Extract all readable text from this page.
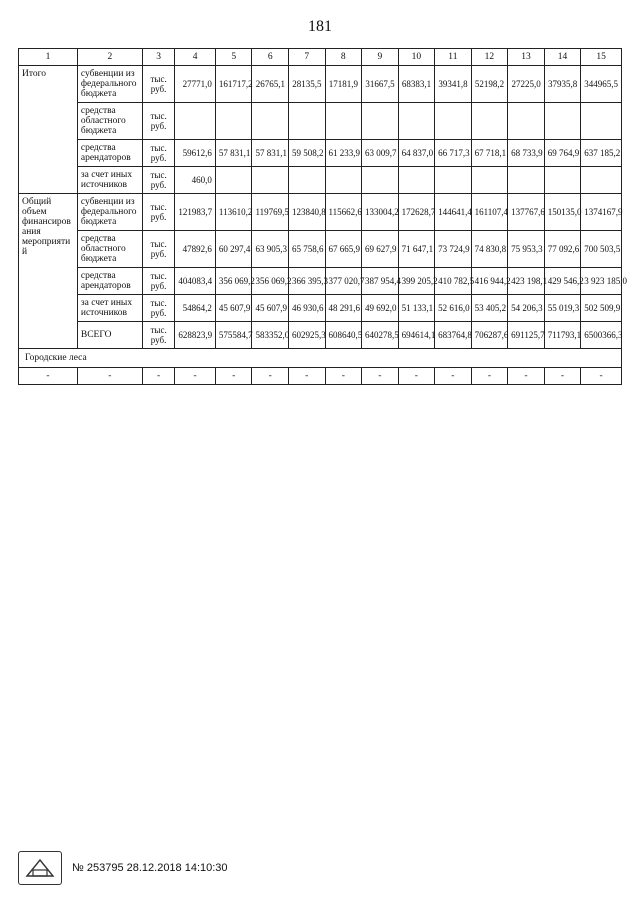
181
1	2	3	4	5	6	7	8	9	10	11	12	13	14	15
Итого	субвенции из федерального бюджета	тыс. руб.	27771,0	161717,2	26765,1	28135,5	17181,9	31667,5	68383,1	39341,8	52198,2	27225,0	37935,8	344965,5
	средства областного бюджета	тыс. руб.												
	средства арендаторов	тыс. руб.	59612,6	57 831,1	57 831,1	59 508,2	61 233,9	63 009,7	64 837,0	66 717,3	67 718,1	68 733,9	69 764,9	637 185,2
	за счет иных источников	тыс. руб.	460,0											
Общий объем финансирования мероприятий	субвенции из федерального бюджета	тыс. руб.	121983,7	113610,2	119769,5	123840,8	115662,6	133004,2	172628,7	144641,4	161107,4	137767,6	150135,0	1374167,9
	средства областного бюджета	тыс. руб.	47892,6	60 297,4	63 905,3	65 758,6	67 665,9	69 627,9	71 647,1	73 724,9	74 830,8	75 953,3	77 092,6	700 503,5
	средства арендаторов	тыс. руб.	404083,4	356 069,2	356 069,2	366 395,3	377 020,7	387 954,4	399 205,2	410 782,5	416 944,2	423 198,1	429 546,2	3 923 185,0
	за счет иных источников	тыс. руб.	54864,2	45 607,9	45 607,9	46 930,6	48 291,6	49 692,0	51 133,1	52 616,0	53 405,2	54 206,3	55 019,3	502 509,9
	ВСЕГО	тыс. руб.	628823,9	575584,7	583352,0	602925,3	608640,5	640278,5	694614,1	683764,8	706287,6	691125,7	711793,1	6500366,3
Городские леса														
-	-	-	-	-	-	-	-	-	-	-	-	-	-	-
№ 253795 28.12.2018 14:10:30
